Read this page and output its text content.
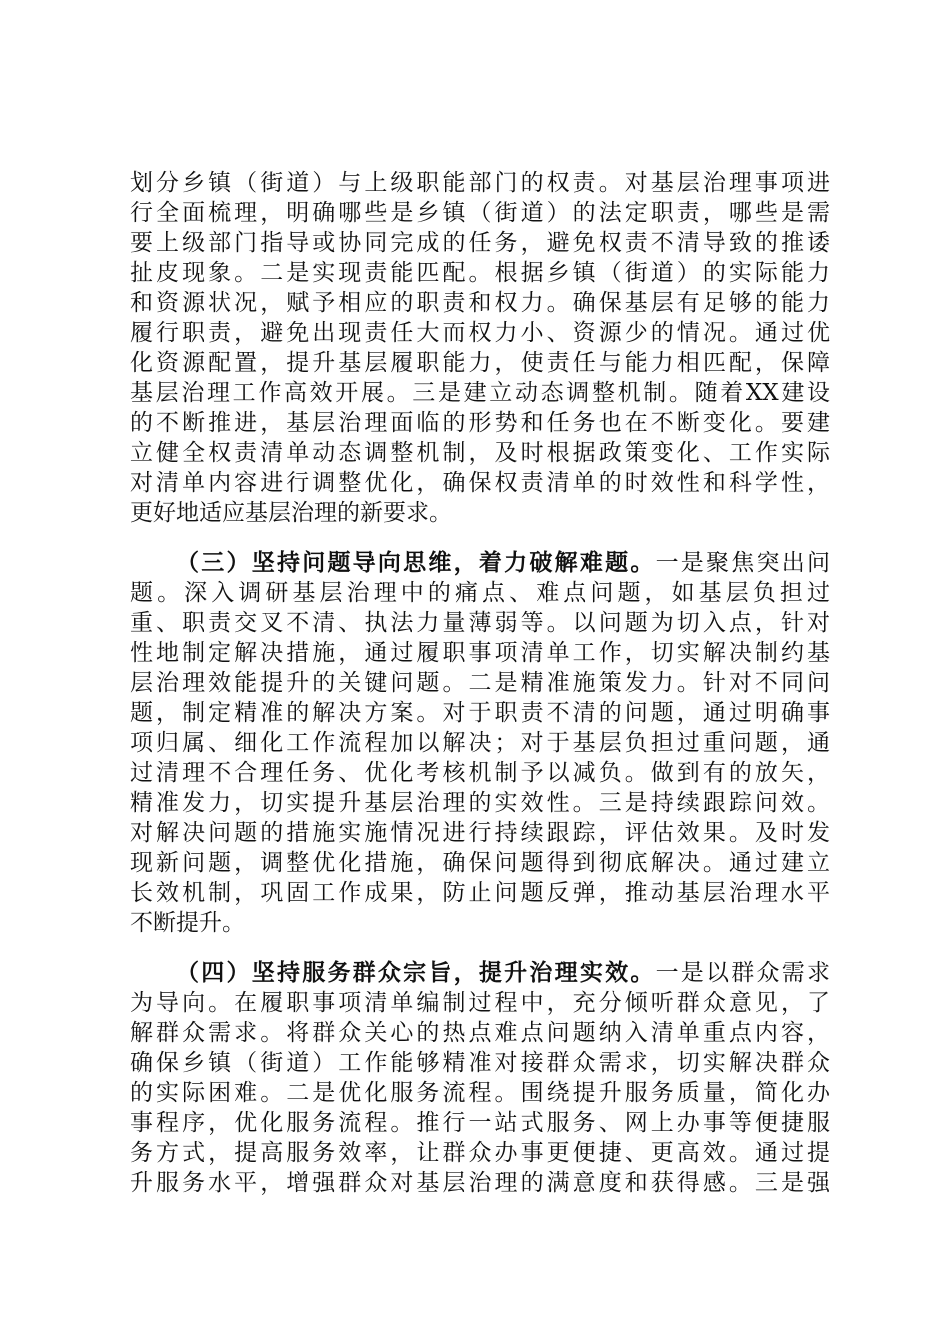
划分乡镇（街道）与上级职能部门的权责。对基层治理事项进
行全面梳理，明确哪些是乡镇（街道）的法定职责，哪些是需
要上级部门指导或协同完成的任务，避免权责不清导致的推诿
扯皮现象。二是实现责能匹配。根据乡镇（街道）的实际能力
和资源状况，赋予相应的职责和权力。确保基层有足够的能力
履行职责，避免出现责任大而权力小、资源少的情况。通过优
化资源配置，提升基层履职能力，使责任与能力相匹配，保障
基层治理工作高效开展。三是建立动态调整机制。随着XX建设
的不断推进，基层治理面临的形势和任务也在不断变化。要建
立健全权责清单动态调整机制，及时根据政策变化、工作实际
对清单内容进行调整优化，确保权责清单的时效性和科学性，
更好地适应基层治理的新要求。
（三）坚持问题导向思维，着力破解难题。一是聚焦突出问
题。深入调研基层治理中的痛点、难点问题，如基层负担过
重、职责交叉不清、执法力量薄弱等。以问题为切入点，针对
性地制定解决措施，通过履职事项清单工作，切实解决制约基
层治理效能提升的关键问题。二是精准施策发力。针对不同问
题，制定精准的解决方案。对于职责不清的问题，通过明确事
项归属、细化工作流程加以解决；对于基层负担过重问题，通
过清理不合理任务、优化考核机制予以减负。做到有的放矢，
精准发力，切实提升基层治理的实效性。三是持续跟踪问效。
对解决问题的措施实施情况进行持续跟踪，评估效果。及时发
现新问题，调整优化措施，确保问题得到彻底解决。通过建立
长效机制，巩固工作成果，防止问题反弹，推动基层治理水平
不断提升。
（四）坚持服务群众宗旨，提升治理实效。一是以群众需求
为导向。在履职事项清单编制过程中，充分倾听群众意见，了
解群众需求。将群众关心的热点难点问题纳入清单重点内容，
确保乡镇（街道）工作能够精准对接群众需求，切实解决群众
的实际困难。二是优化服务流程。围绕提升服务质量，简化办
事程序，优化服务流程。推行一站式服务、网上办事等便捷服
务方式，提高服务效率，让群众办事更便捷、更高效。通过提
升服务水平，增强群众对基层治理的满意度和获得感。三是强
